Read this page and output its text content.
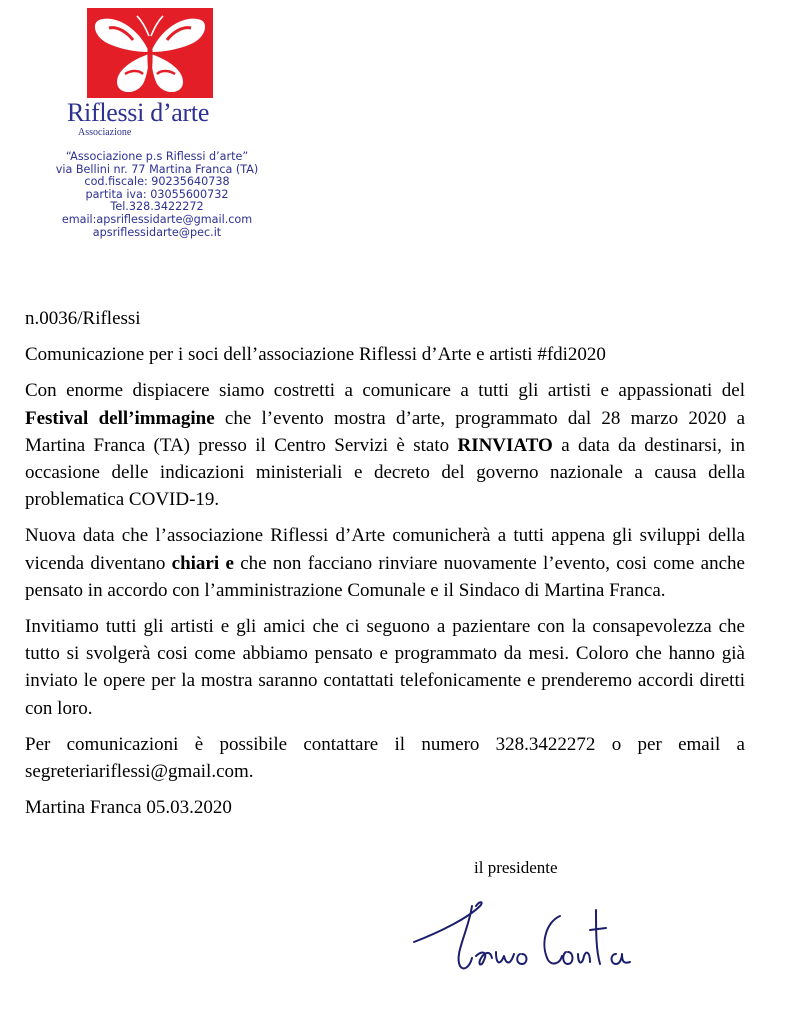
Riflessi d’arte
Associazione
“Associazione p.s Riflessi d’arte”
via Bellini nr. 77 Martina Franca (TA)
cod.fiscale: 90235640738
partita iva: 03055600732
Tel.328.3422272
email:apsriflessidarte@gmail.com
apsriflessidarte@pec.it

n.0036/Riflessi

Comunicazione per i soci dell’associazione Riflessi d’Arte e artisti #fdi2020

Con enorme dispiacere siamo costretti a comunicare a tutti gli artisti e appassionati del Festival dell’immagine che l’evento mostra d’arte, programmato dal 28 marzo 2020 a Martina Franca (TA) presso il Centro Servizi è stato RINVIATO a data da destinarsi, in occasione delle indicazioni ministeriali e decreto del governo nazionale a causa della problematica COVID-19.

Nuova data che l’associazione Riflessi d’Arte comunicherà a tutti appena gli sviluppi della vicenda diventano chiari e che non facciano rinviare nuovamente l’evento, cosi come anche pensato in accordo con l’amministrazione Comunale e il Sindaco di Martina Franca.

Invitiamo tutti gli artisti e gli amici che ci seguono a pazientare con la consapevolezza che tutto si svolgerà cosi come abbiamo pensato e programmato da mesi. Coloro che hanno già inviato le opere per la mostra saranno contattati telefonicamente e prenderemo accordi diretti con loro.

Per comunicazioni è possibile contattare il numero 328.3422272 o per email a segreteriariflessi@gmail.com.

Martina Franca 05.03.2020

il presidente
